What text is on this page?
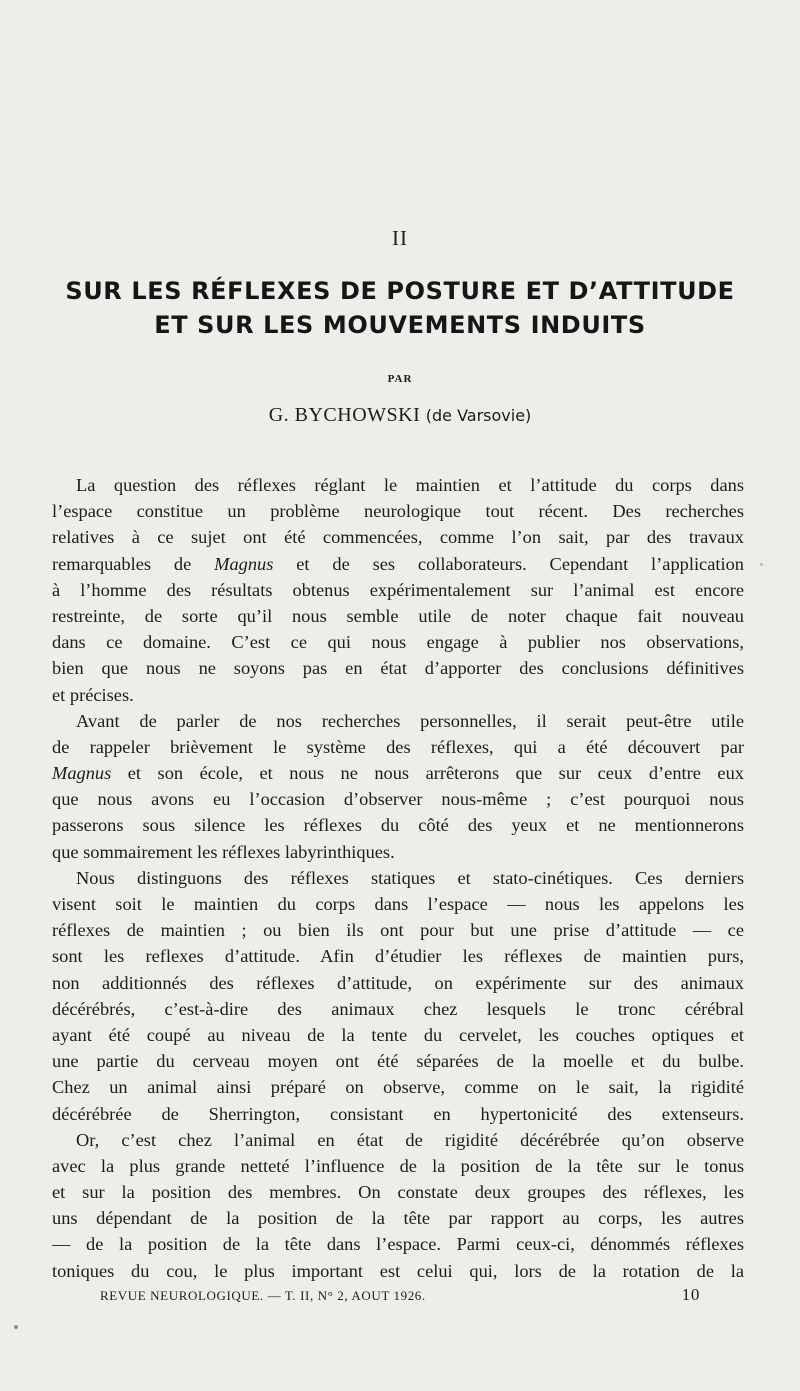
II
SUR LES RÉFLEXES DE POSTURE ET D’ATTITUDE
ET SUR LES MOUVEMENTS INDUITS
PAR
G. BYCHOWSKI (de Varsovie)
La question des réflexes réglant le maintien et l’attitude du corps dans
l’espace constitue un problème neurologique tout récent. Des recherches
relatives à ce sujet ont été commencées, comme l’on sait, par des travaux
remarquables de Magnus et de ses collaborateurs. Cependant l’application
à l’homme des résultats obtenus expérimentalement sur l’animal est encore
restreinte, de sorte qu’il nous semble utile de noter chaque fait nouveau
dans ce domaine. C’est ce qui nous engage à publier nos observations,
bien que nous ne soyons pas en état d’apporter des conclusions définitives
et précises.
Avant de parler de nos recherches personnelles, il serait peut-être utile
de rappeler brièvement le système des réflexes, qui a été découvert par
Magnus et son école, et nous ne nous arrêterons que sur ceux d’entre eux
que nous avons eu l’occasion d’observer nous-même ; c’est pourquoi nous
passerons sous silence les réflexes du côté des yeux et ne mentionnerons
que sommairement les réflexes labyrinthiques.
Nous distinguons des réflexes statiques et stato-cinétiques. Ces derniers
visent soit le maintien du corps dans l’espace — nous les appelons les
réflexes de maintien ; ou bien ils ont pour but une prise d’attitude — ce
sont les reflexes d’attitude. Afin d’étudier les réflexes de maintien purs,
non additionnés des réflexes d’attitude, on expérimente sur des animaux
décérébrés, c’est-à-dire des animaux chez lesquels le tronc cérébral
ayant été coupé au niveau de la tente du cervelet, les couches optiques et
une partie du cerveau moyen ont été séparées de la moelle et du bulbe.
Chez un animal ainsi préparé on observe, comme on le sait, la rigidité
décérébrée de Sherrington, consistant en hypertonicité des extenseurs.
Or, c’est chez l’animal en état de rigidité décérébrée qu’on observe
avec la plus grande netteté l’influence de la position de la tête sur le tonus
et sur la position des membres. On constate deux groupes des réflexes, les
uns dépendant de la position de la tête par rapport au corps, les autres
— de la position de la tête dans l’espace. Parmi ceux-ci, dénommés réflexes
toniques du cou, le plus important est celui qui, lors de la rotation de la
REVUE NEUROLOGIQUE. — T. II, N° 2, AOUT 1926.	10
